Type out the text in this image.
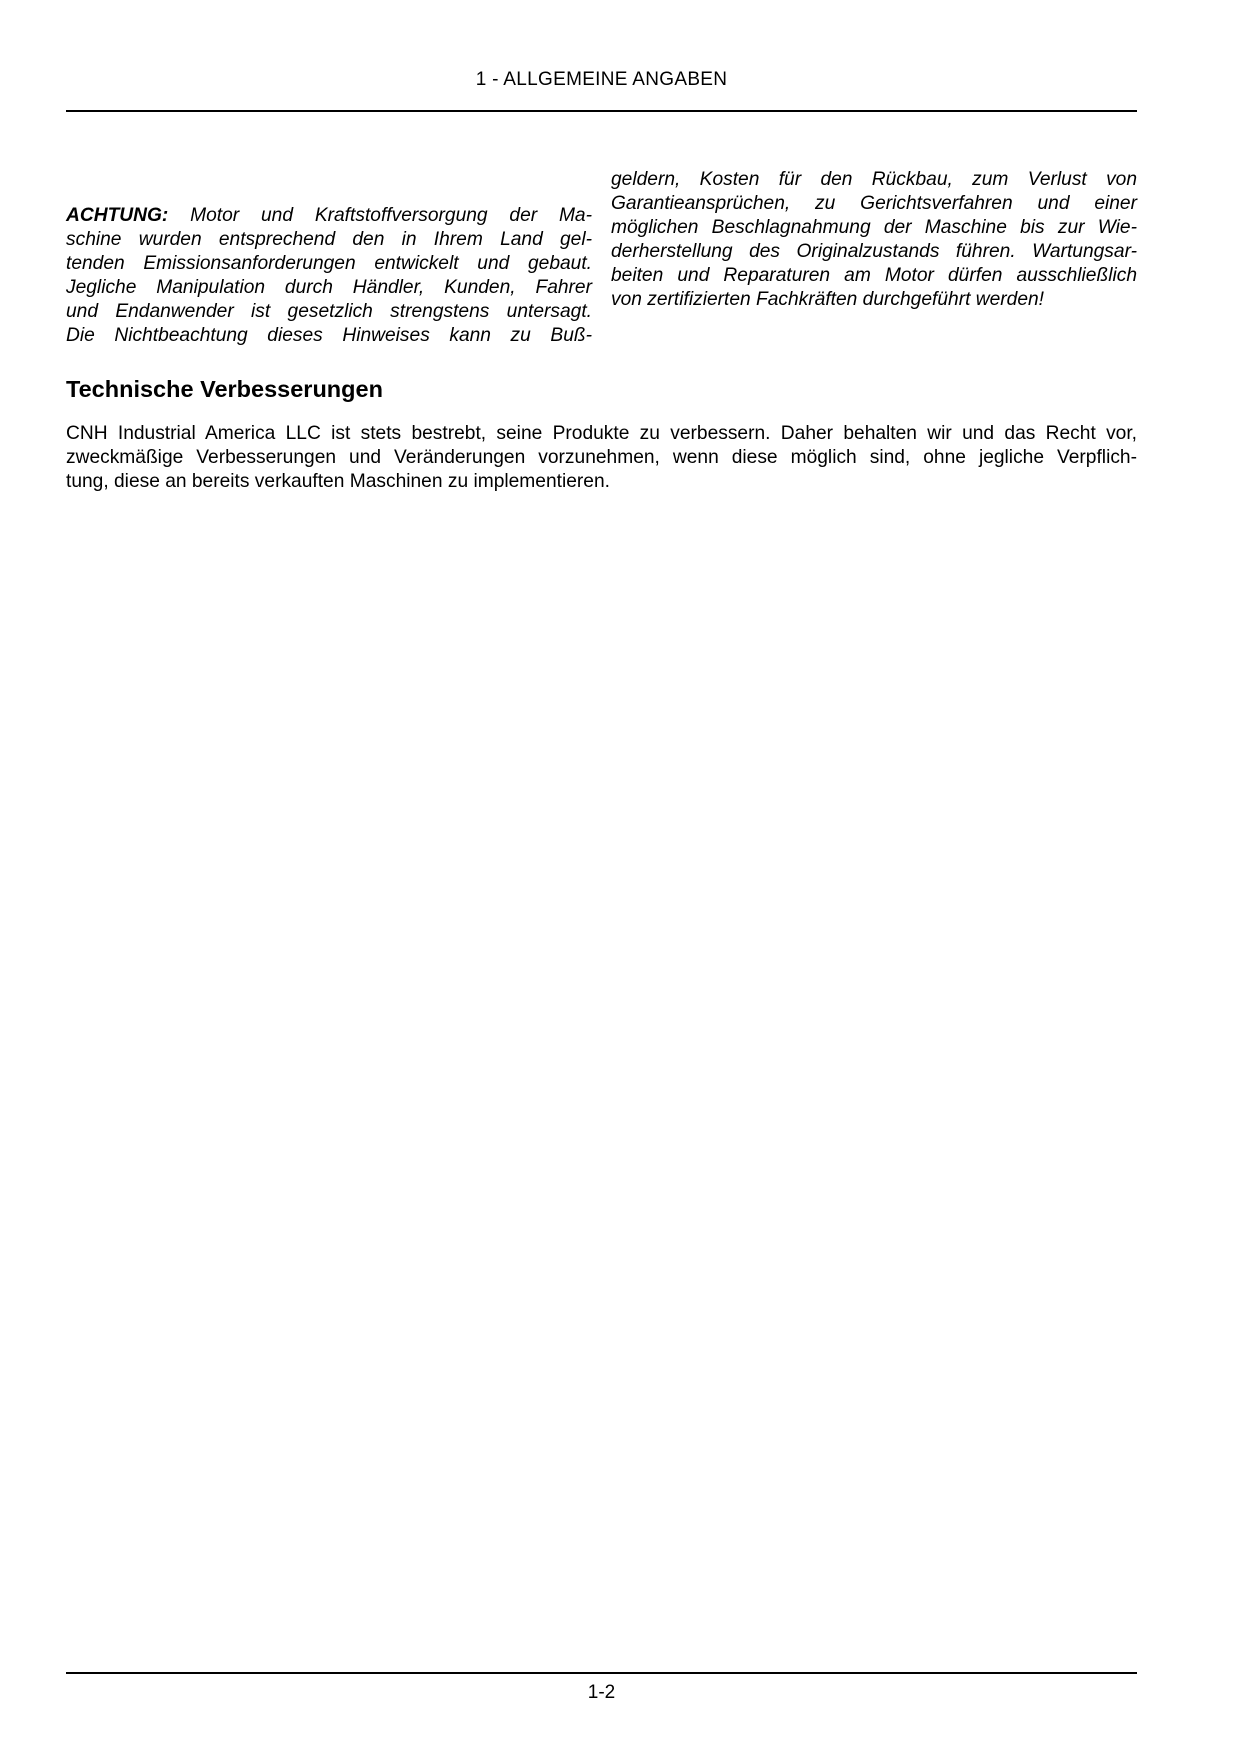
1 - ALLGEMEINE ANGABEN
ACHTUNG: Motor und Kraftstoffversorgung der Ma-
schine wurden entsprechend den in Ihrem Land gel-
tenden Emissionsanforderungen entwickelt und gebaut.
Jegliche Manipulation durch Händler, Kunden, Fahrer
und Endanwender ist gesetzlich strengstens untersagt.
Die Nichtbeachtung dieses Hinweises kann zu Buß-
geldern, Kosten für den Rückbau, zum Verlust von
Garantieansprüchen, zu Gerichtsverfahren und einer
möglichen Beschlagnahmung der Maschine bis zur Wie-
derherstellung des Originalzustands führen. Wartungsar-
beiten und Reparaturen am Motor dürfen ausschließlich
von zertifizierten Fachkräften durchgeführt werden!
Technische Verbesserungen
CNH Industrial America LLC ist stets bestrebt, seine Produkte zu verbessern. Daher behalten wir und das Recht vor,
zweckmäßige Verbesserungen und Veränderungen vorzunehmen, wenn diese möglich sind, ohne jegliche Verpflich-
tung, diese an bereits verkauften Maschinen zu implementieren.
1-2
